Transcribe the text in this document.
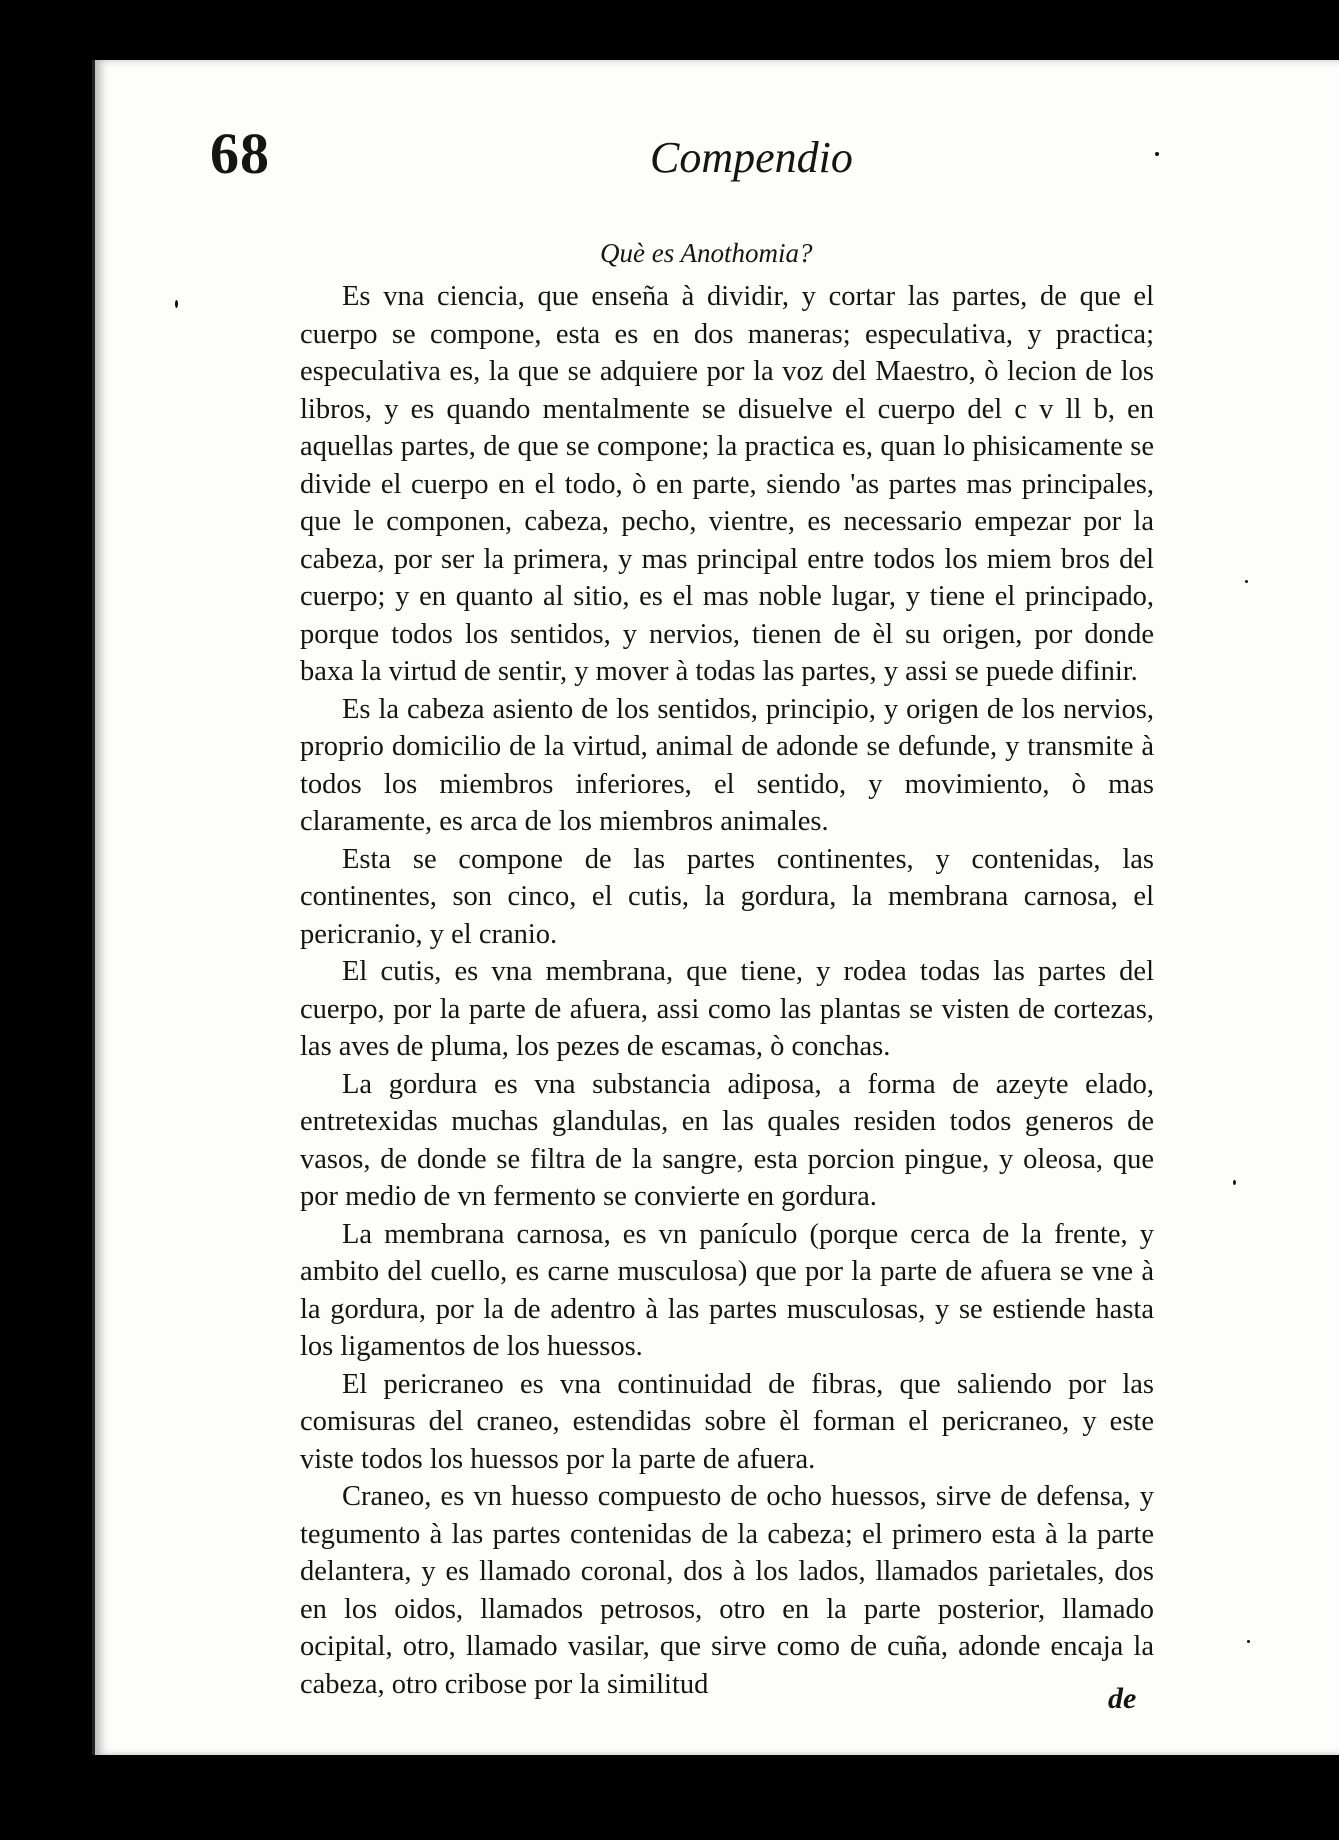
68	Compendio
Què es Anothomia?

Es vna ciencia, que enseña à dividir, y cortar las partes, de que el cuerpo se compone, esta es en dos maneras; especulativa, y practica; especulativa es, la que se adquiere por la voz del Maestro, ò lecion de los libros, y es quando mentalmente se disuelve el cuerpo del c v ll b, en aquellas partes, de que se compone; la practica es, quan lo phisicamente se divide el cuerpo en el todo, ò en parte, siendo 'as partes mas principales, que le componen, cabeza, pecho, vientre, es necessario empezar por la cabeza, por ser la primera, y mas principal entre todos los miem bros del cuerpo; y en quanto al sitio, es el mas noble lugar, y tiene el principado, porque todos los sentidos, y nervios, tienen de èl su origen, por donde baxa la virtud de sentir, y mover à todas las partes, y assi se puede difinir.

Es la cabeza asiento de los sentidos, principio, y origen de los nervios, proprio domicilio de la virtud, animal de adonde se defunde, y transmite à todos los miembros inferiores, el sentido, y movimiento, ò mas claramente, es arca de los miembros animales.

Esta se compone de las partes continentes, y contenidas, las continentes, son cinco, el cutis, la gordura, la membrana carnosa, el pericranio, y el cranio.

El cutis, es vna membrana, que tiene, y rodea todas las partes del cuerpo, por la parte de afuera, assi como las plantas se visten de cortezas, las aves de pluma, los pezes de escamas, ò conchas.

La gordura es vna substancia adiposa, a forma de azeyte elado, entretexidas muchas glandulas, en las quales residen todos generos de vasos, de donde se filtra de la sangre, esta porcion pingue, y oleosa, que por medio de vn fermento se convierte en gordura.

La membrana carnosa, es vn panículo (porque cerca de la frente, y ambito del cuello, es carne musculosa) que por la parte de afuera se vne à la gordura, por la de adentro à las partes musculosas, y se estiende hasta los ligamentos de los huessos.

El pericraneo es vna continuidad de fibras, que saliendo por las comisuras del craneo, estendidas sobre èl forman el pericraneo, y este viste todos los huessos por la parte de afuera.

Craneo, es vn huesso compuesto de ocho huessos, sirve de defensa, y tegumento à las partes contenidas de la cabeza; el primero esta à la parte delantera, y es llamado coronal, dos à los lados, llamados parietales, dos en los oidos, llamados petrosos, otro en la parte posterior, llamado ocipital, otro, llamado vasilar, que sirve como de cuña, adonde encaja la cabeza, otro cribose por la similitud	de
